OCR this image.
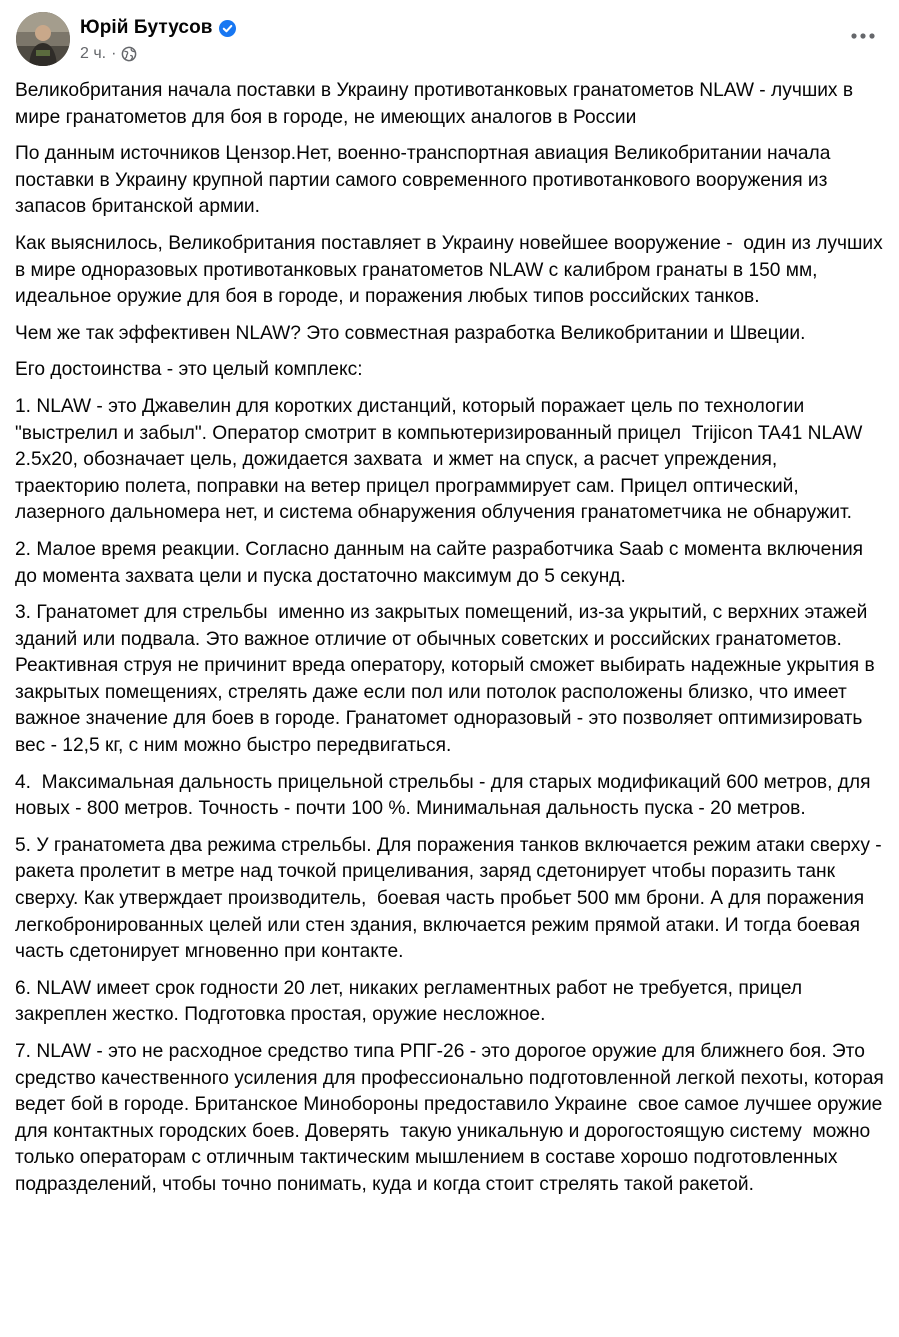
Юрій Бутусов
2 ч. ·

Великобритания начала поставки в Украину противотанковых гранатометов NLAW - лучших в мире гранатометов для боя в городе, не имеющих аналогов в России

По данным источников Цензор.Нет, военно-транспортная авиация Великобритании начала поставки в Украину крупной партии самого современного противотанкового вооружения из запасов британской армии.

Как выяснилось, Великобритания поставляет в Украину новейшее вооружение -  один из лучших в мире одноразовых противотанковых гранатометов NLAW с калибром гранаты в 150 мм, идеальное оружие для боя в городе, и поражения любых типов российских танков.

Чем же так эффективен NLAW? Это совместная разработка Великобритании и Швеции.

Его достоинства - это целый комплекс:

1. NLAW - это Джавелин для коротких дистанций, который поражает цель по технологии "выстрелил и забыл". Оператор смотрит в компьютеризированный прицел  Trijicon TA41 NLAW 2.5х20, обозначает цель, дожидается захвата  и жмет на спуск, а расчет упреждения, траекторию полета, поправки на ветер прицел программирует сам. Прицел оптический, лазерного дальномера нет, и система обнаружения облучения гранатометчика не обнаружит.

2. Малое время реакции. Согласно данным на сайте разработчика Saab с момента включения до момента захвата цели и пуска достаточно максимум до 5 секунд.

3. Гранатомет для стрельбы  именно из закрытых помещений, из-за укрытий, с верхних этажей зданий или подвала. Это важное отличие от обычных советских и российских гранатометов. Реактивная струя не причинит вреда оператору, который сможет выбирать надежные укрытия в закрытых помещениях, стрелять даже если пол или потолок расположены близко, что имеет важное значение для боев в городе. Гранатомет одноразовый - это позволяет оптимизировать вес - 12,5 кг, с ним можно быстро передвигаться.

4.  Максимальная дальность прицельной стрельбы - для старых модификаций 600 метров, для новых - 800 метров. Точность - почти 100 %. Минимальная дальность пуска - 20 метров.

5. У гранатомета два режима стрельбы. Для поражения танков включается режим атаки сверху - ракета пролетит в метре над точкой прицеливания, заряд сдетонирует чтобы поразить танк сверху. Как утверждает производитель,  боевая часть пробьет 500 мм брони. А для поражения легкобронированных целей или стен здания, включается режим прямой атаки. И тогда боевая часть сдетонирует мгновенно при контакте.

6. NLAW имеет срок годности 20 лет, никаких регламентных работ не требуется, прицел закреплен жестко. Подготовка простая, оружие несложное.

7. NLAW - это не расходное средство типа РПГ-26 - это дорогое оружие для ближнего боя. Это средство качественного усиления для профессионально подготовленной легкой пехоты, которая ведет бой в городе. Британское Минобороны предоставило Украине  свое самое лучшее оружие для контактных городских боев. Доверять  такую уникальную и дорогостоящую систему  можно только операторам с отличным тактическим мышлением в составе хорошо подготовленных подразделений, чтобы точно понимать, куда и когда стоит стрелять такой ракетой.
